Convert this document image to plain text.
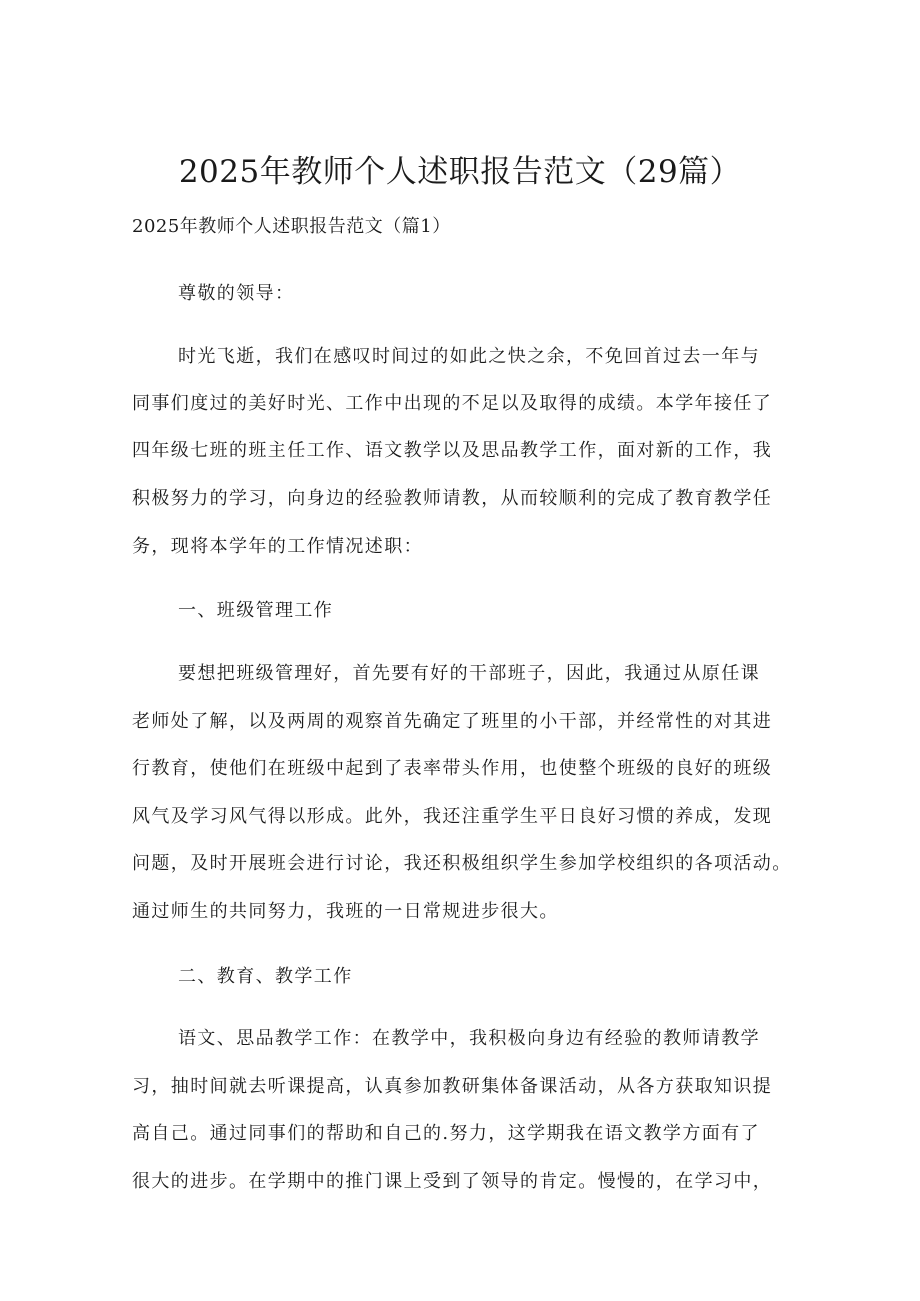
2025年教师个人述职报告范文（29篇）
2025年教师个人述职报告范文（篇1）
尊敬的领导：
时光飞逝，我们在感叹时间过的如此之快之余，不免回首过去一年与
同事们度过的美好时光、工作中出现的不足以及取得的成绩。本学年接任了
四年级七班的班主任工作、语文教学以及思品教学工作，面对新的工作，我
积极努力的学习，向身边的经验教师请教，从而较顺利的完成了教育教学任
务，现将本学年的工作情况述职：
一、班级管理工作
要想把班级管理好，首先要有好的干部班子，因此，我通过从原任课
老师处了解，以及两周的观察首先确定了班里的小干部，并经常性的对其进
行教育，使他们在班级中起到了表率带头作用，也使整个班级的良好的班级
风气及学习风气得以形成。此外，我还注重学生平日良好习惯的养成，发现
问题，及时开展班会进行讨论，我还积极组织学生参加学校组织的各项活动。
通过师生的共同努力，我班的一日常规进步很大。
二、教育、教学工作
语文、思品教学工作：在教学中，我积极向身边有经验的教师请教学
习，抽时间就去听课提高，认真参加教研集体备课活动，从各方获取知识提
高自己。通过同事们的帮助和自己的.努力，这学期我在语文教学方面有了
很大的进步。在学期中的推门课上受到了领导的肯定。慢慢的，在学习中，
